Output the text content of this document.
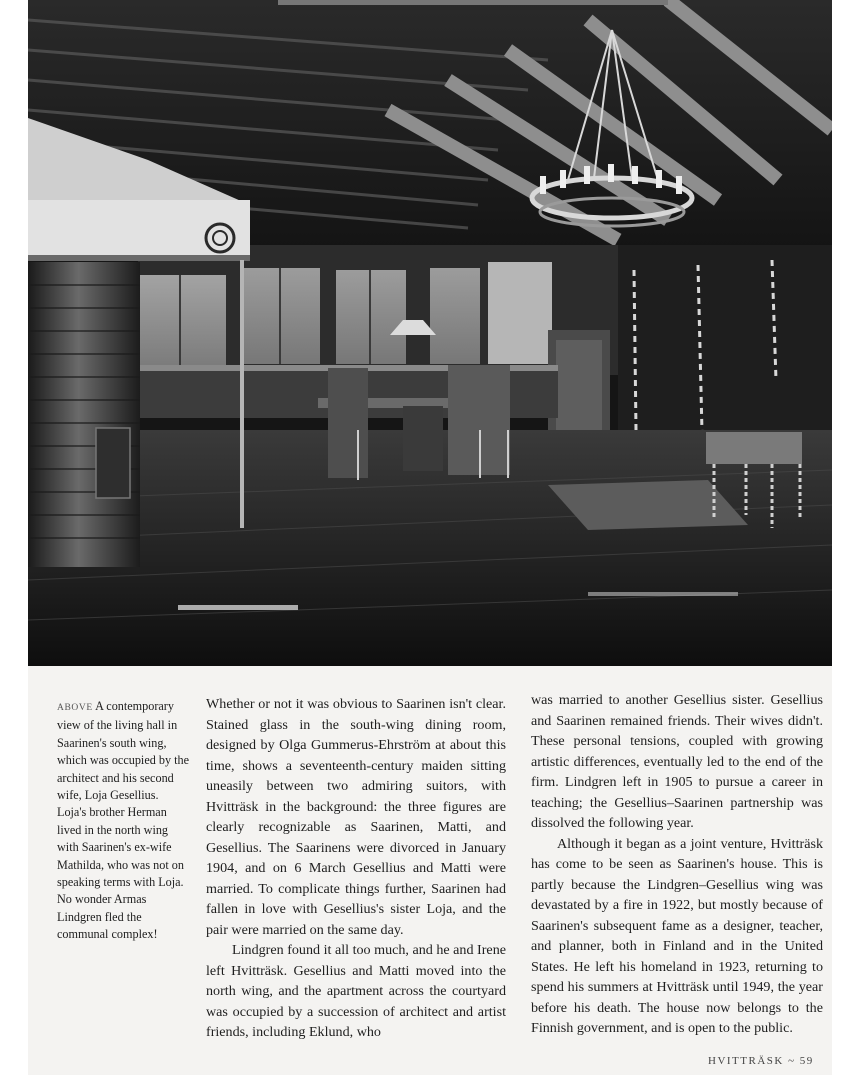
ABOVE A contemporary view of the living hall in Saarinen's south wing, which was occupied by the architect and his second wife, Loja Gesellius. Loja's brother Herman lived in the north wing with Saarinen's ex-wife Mathilda, who was not on speaking terms with Loja. No wonder Armas Lindgren fled the communal complex!

Whether or not it was obvious to Saarinen isn't clear. Stained glass in the south-wing dining room, designed by Olga Gummerus-Ehrström at about this time, shows a seventeenth-century maiden sitting uneasily between two admiring suitors, with Hvitträsk in the background: the three figures are clearly recognizable as Saarinen, Matti, and Gesellius. The Saarinens were divorced in January 1904, and on 6 March Gesellius and Matti were married. To complicate things further, Saarinen had fallen in love with Gesellius's sister Loja, and the pair were married on the same day.

Lindgren found it all too much, and he and Irene left Hvitträsk. Gesellius and Matti moved into the north wing, and the apartment across the courtyard was occupied by a succession of architect and artist friends, including Eklund, who

was married to another Gesellius sister. Gesellius and Saarinen remained friends. Their wives didn't. These personal tensions, coupled with growing artistic differences, eventually led to the end of the firm. Lindgren left in 1905 to pursue a career in teaching; the Gesellius–Saarinen partnership was dissolved the following year.

Although it began as a joint venture, Hvitträsk has come to be seen as Saarinen's house. This is partly because the Lindgren–Gesellius wing was devastated by a fire in 1922, but mostly because of Saarinen's subsequent fame as a designer, teacher, and planner, both in Finland and in the United States. He left his homeland in 1923, returning to spend his summers at Hvitträsk until 1949, the year before his death. The house now belongs to the Finnish government, and is open to the public.

HVITTRÄSK ~ 59
